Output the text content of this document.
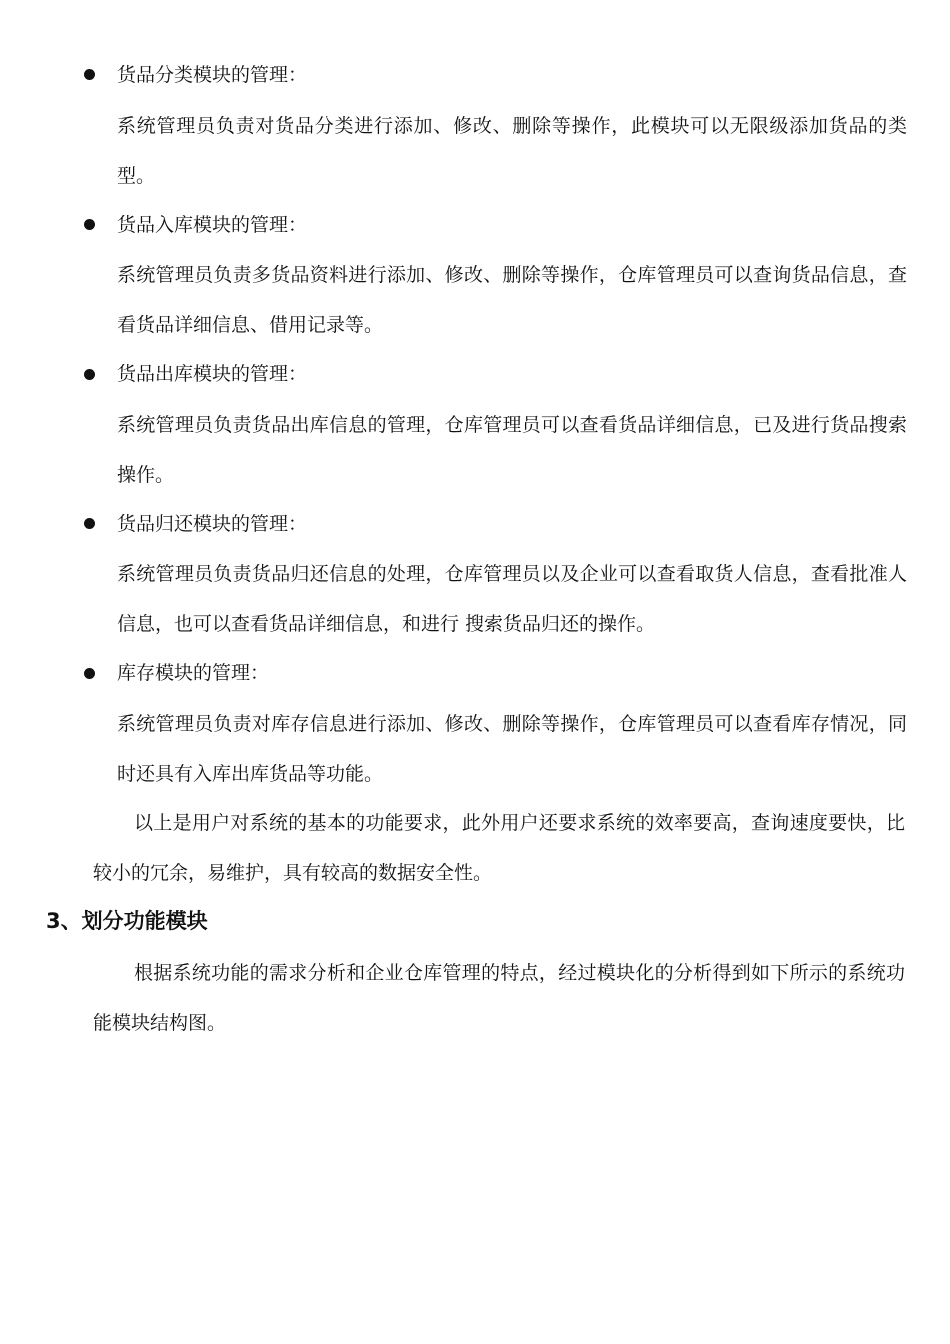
货品分类模块的管理：
系统管理员负责对货品分类进行添加、修改、删除等操作，此模块可以无限级添加货品的类型。
货品入库模块的管理：
系统管理员负责多货品资料进行添加、修改、删除等操作，仓库管理员可以查询货品信息，查看货品详细信息、借用记录等。
货品出库模块的管理：
系统管理员负责货品出库信息的管理，仓库管理员可以查看货品详细信息，已及进行货品搜索操作。
货品归还模块的管理：
系统管理员负责货品归还信息的处理，仓库管理员以及企业可以查看取货人信息，查看批准人信息，也可以查看货品详细信息，和进行 搜索货品归还的操作。
库存模块的管理：
系统管理员负责对库存信息进行添加、修改、删除等操作，仓库管理员可以查看库存情况，同时还具有入库出库货品等功能。
以上是用户对系统的基本的功能要求，此外用户还要求系统的效率要高，查询速度要快，比较小的冗余，易维护，具有较高的数据安全性。
3、划分功能模块
根据系统功能的需求分析和企业仓库管理的特点，经过模块化的分析得到如下所示的系统功能模块结构图。
